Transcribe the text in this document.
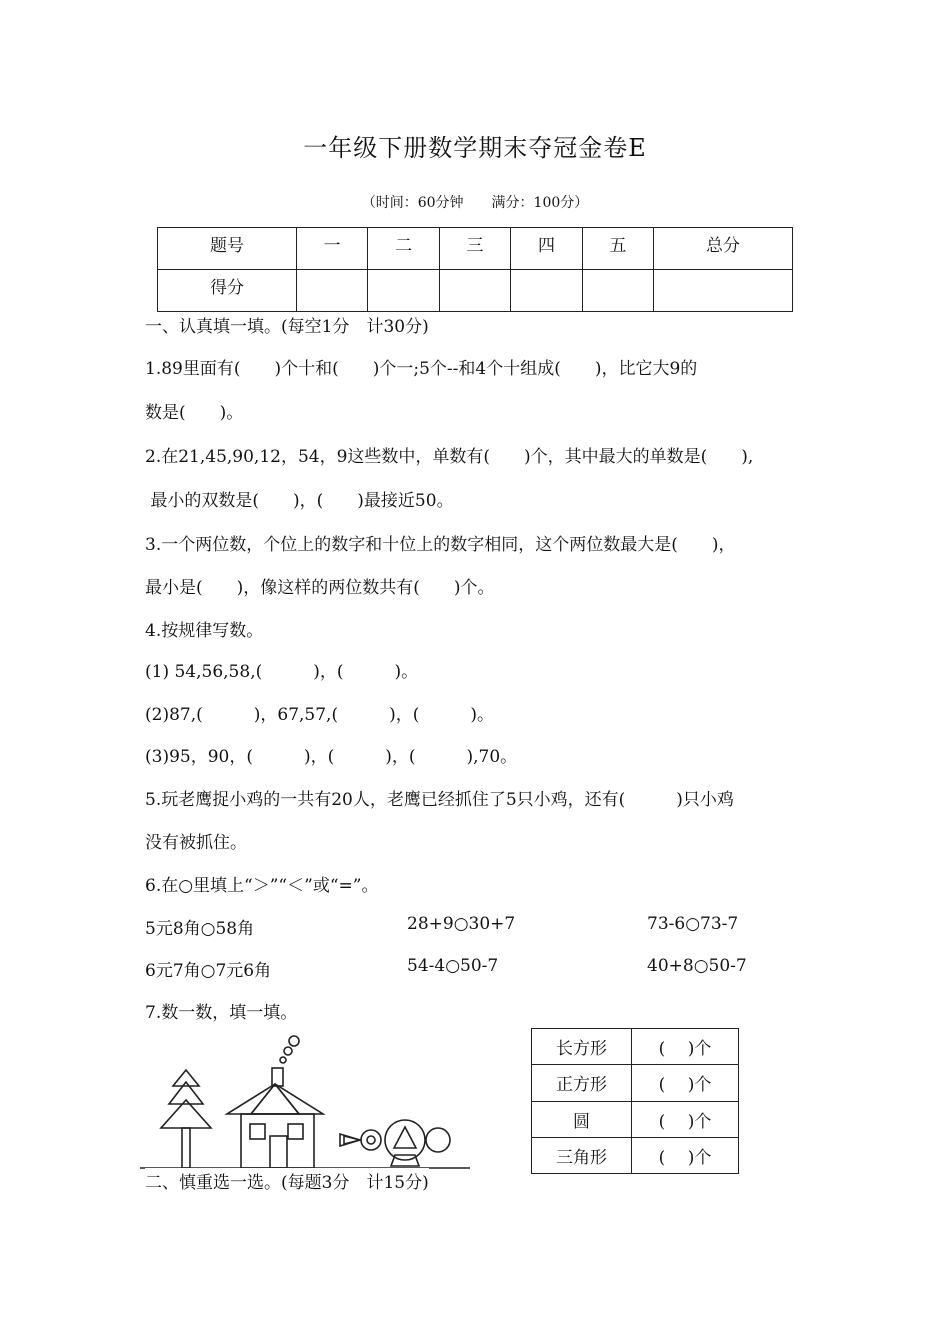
一年级下册数学期末夺冠金卷E
（时间：60分钟　　满分：100分）
题号	一	二	三	四	五	总分
得分						
一、认真填一填。(每空1分　计30分)
1.89里面有(　　)个十和(　　)个一;5个--和4个十组成(　　)，比它大9的
数是(　　)。
2.在21,45,90,12，54，9这些数中，单数有(　　)个，其中最大的单数是(　　),
最小的双数是(　　)，(　　)最接近50。
3.一个两位数，个位上的数字和十位上的数字相同，这个两位数最大是(　　)，
最小是(　　)，像这样的两位数共有(　　)个。
4.按规律写数。
(1) 54,56,58,(　　　)，(　　　)。
(2)87,(　　　)，67,57,(　　　)，(　　　)。
(3)95，90，(　　　)，(　　　)，(　　　),70。
5.玩老鹰捉小鸡的一共有20人，老鹰已经抓住了5只小鸡，还有(　　　)只小鸡
没有被抓住。
6.在○里填上“＞”“＜”或“=”。
5元8角○58角	28+9○30+7	73-6○73-7
6元7角○7元6角	54-4○50-7	40+8○50-7
7.数一数，填一填。
长方形	(　 )个
正方形	(　 )个
圆	(　 )个
三角形	(　 )个
二、慎重选一选。(每题3分　计15分)
